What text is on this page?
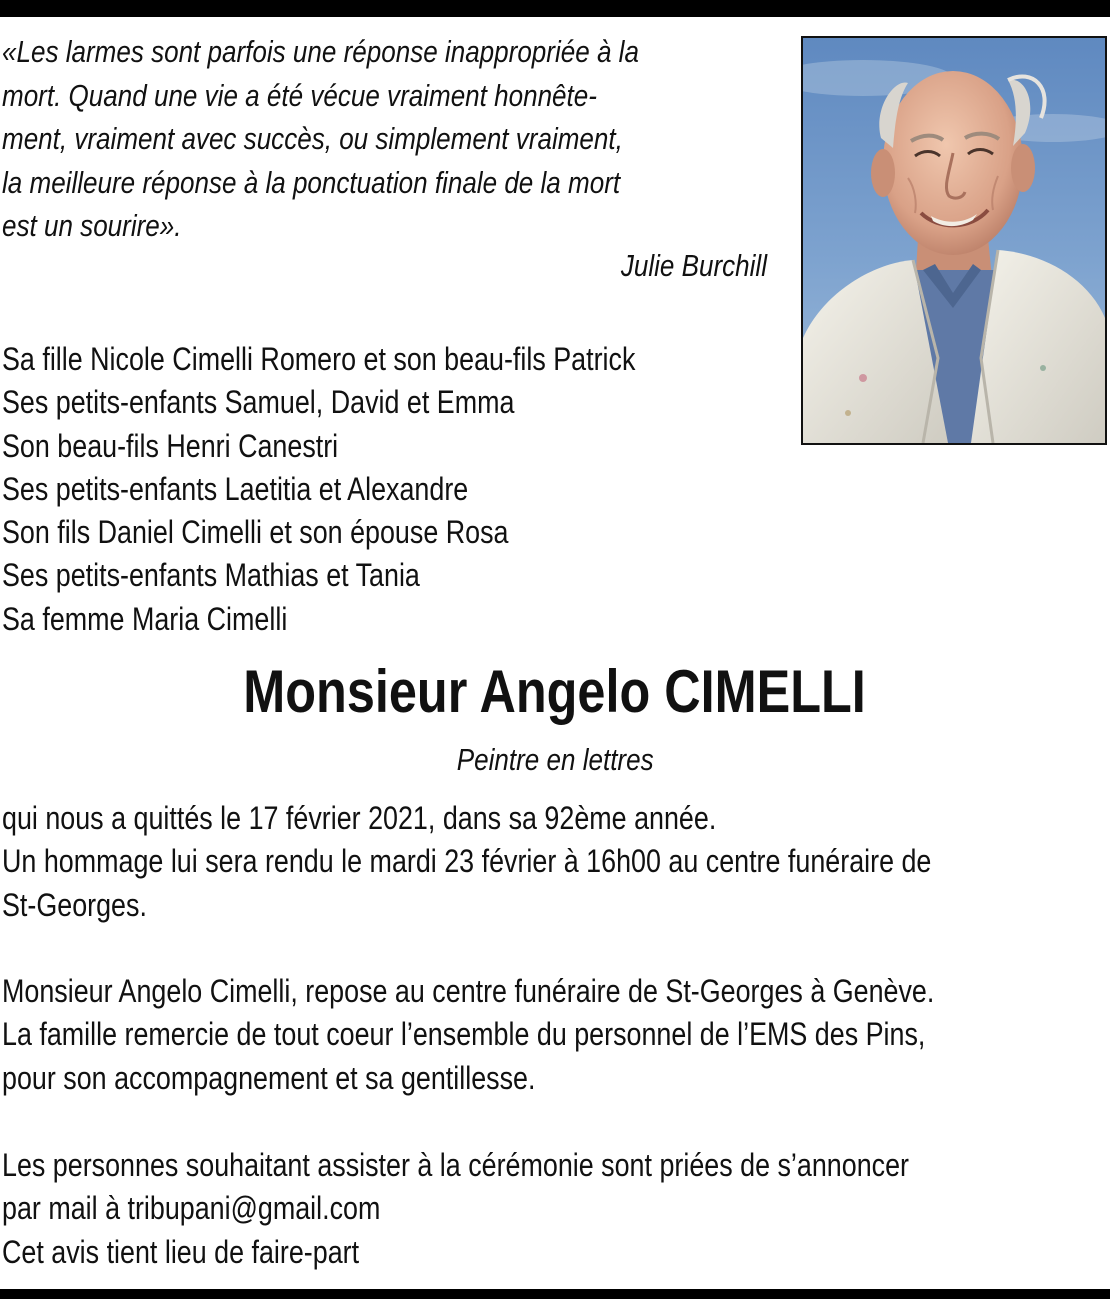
«Les larmes sont parfois une réponse inappropriée à la
mort. Quand une vie a été vécue vraiment honnête-
ment, vraiment avec succès, ou simplement vraiment,
la meilleure réponse à la ponctuation finale de la mort
est un sourire».
Julie Burchill
Sa fille Nicole Cimelli Romero et son beau-fils Patrick
Ses petits-enfants Samuel, David et Emma
Son beau-fils Henri Canestri
Ses petits-enfants Laetitia et Alexandre
Son fils Daniel Cimelli et son épouse Rosa
Ses petits-enfants Mathias et Tania
Sa femme Maria Cimelli
Monsieur Angelo CIMELLI
Peintre en lettres
qui nous a quittés le 17 février 2021, dans sa 92ème année.
Un hommage lui sera rendu le mardi 23 février à 16h00 au centre funéraire de
St-Georges.
Monsieur Angelo Cimelli, repose au centre funéraire de St-Georges à Genève.
La famille remercie de tout coeur l’ensemble du personnel de l’EMS des Pins,
pour son accompagnement et sa gentillesse.
Les personnes souhaitant assister à la cérémonie sont priées de s’annoncer
par mail à tribupani@gmail.com
Cet avis tient lieu de faire-part
